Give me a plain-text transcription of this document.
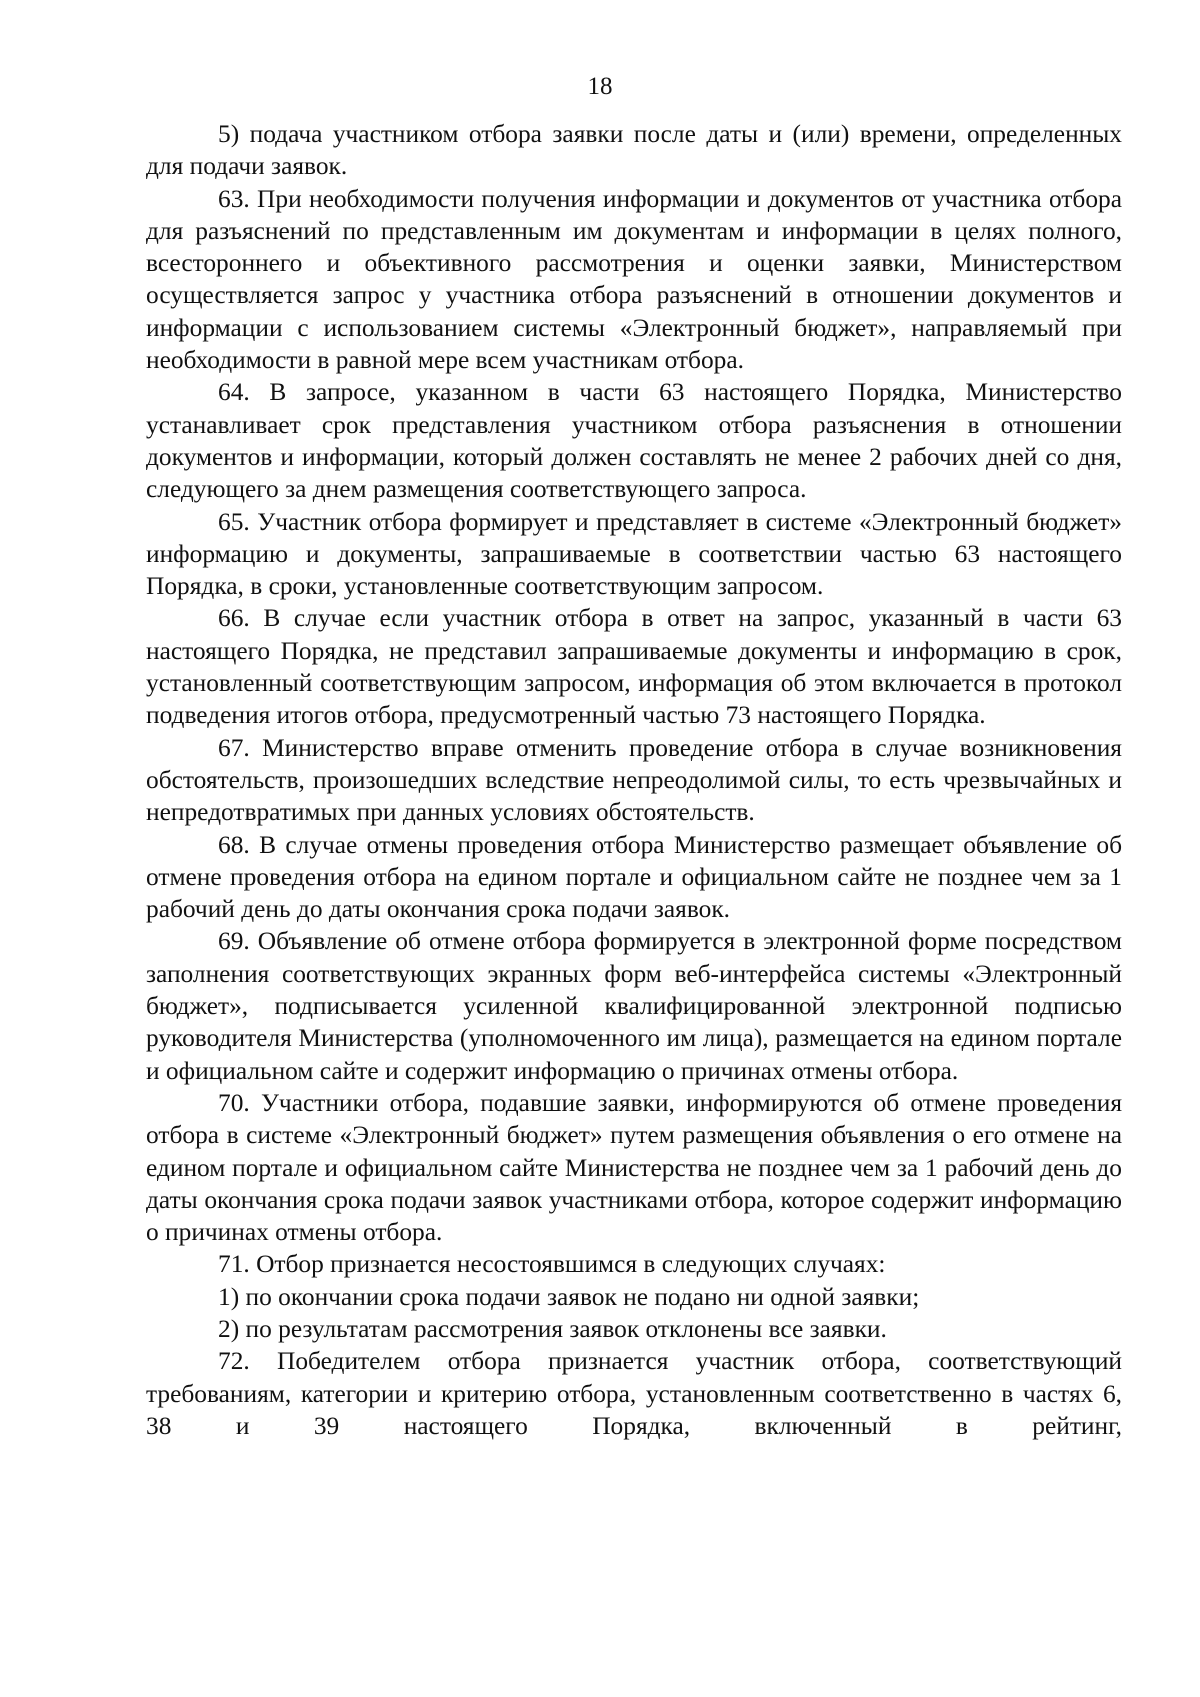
18

5) подача участником отбора заявки после даты и (или) времени, определенных для подачи заявок.

63. При необходимости получения информации и документов от участника отбора для разъяснений по представленным им документам и информации в целях полного, всестороннего и объективного рассмотрения и оценки заявки, Министерством осуществляется запрос у участника отбора разъяснений в отношении документов и информации с использованием системы «Электронный бюджет», направляемый при необходимости в равной мере всем участникам отбора.

64. В запросе, указанном в части 63 настоящего Порядка, Министерство устанавливает срок представления участником отбора разъяснения в отношении документов и информации, который должен составлять не менее 2 рабочих дней со дня, следующего за днем размещения соответствующего запроса.

65. Участник отбора формирует и представляет в системе «Электронный бюджет» информацию и документы, запрашиваемые в соответствии частью 63 настоящего Порядка, в сроки, установленные соответствующим запросом.

66. В случае если участник отбора в ответ на запрос, указанный в части 63 настоящего Порядка, не представил запрашиваемые документы и информацию в срок, установленный соответствующим запросом, информация об этом включается в протокол подведения итогов отбора, предусмотренный частью 73 настоящего Порядка.

67. Министерство вправе отменить проведение отбора в случае возникновения обстоятельств, произошедших вследствие непреодолимой силы, то есть чрезвычайных и непредотвратимых при данных условиях обстоятельств.

68. В случае отмены проведения отбора Министерство размещает объявление об отмене проведения отбора на едином портале и официальном сайте не позднее чем за 1 рабочий день до даты окончания срока подачи заявок.

69. Объявление об отмене отбора формируется в электронной форме посредством заполнения соответствующих экранных форм веб-интерфейса системы «Электронный бюджет», подписывается усиленной квалифицированной электронной подписью руководителя Министерства (уполномоченного им лица), размещается на едином портале и официальном сайте и содержит информацию о причинах отмены отбора.

70. Участники отбора, подавшие заявки, информируются об отмене проведения отбора в системе «Электронный бюджет» путем размещения объявления о его отмене на едином портале и официальном сайте Министерства не позднее чем за 1 рабочий день до даты окончания срока подачи заявок участниками отбора, которое содержит информацию о причинах отмены отбора.

71. Отбор признается несостоявшимся в следующих случаях:

1) по окончании срока подачи заявок не подано ни одной заявки;

2) по результатам рассмотрения заявок отклонены все заявки.

72. Победителем отбора признается участник отбора, соответствующий требованиям, категории и критерию отбора, установленным соответственно в частях 6, 38 и 39 настоящего Порядка, включенный в рейтинг,
